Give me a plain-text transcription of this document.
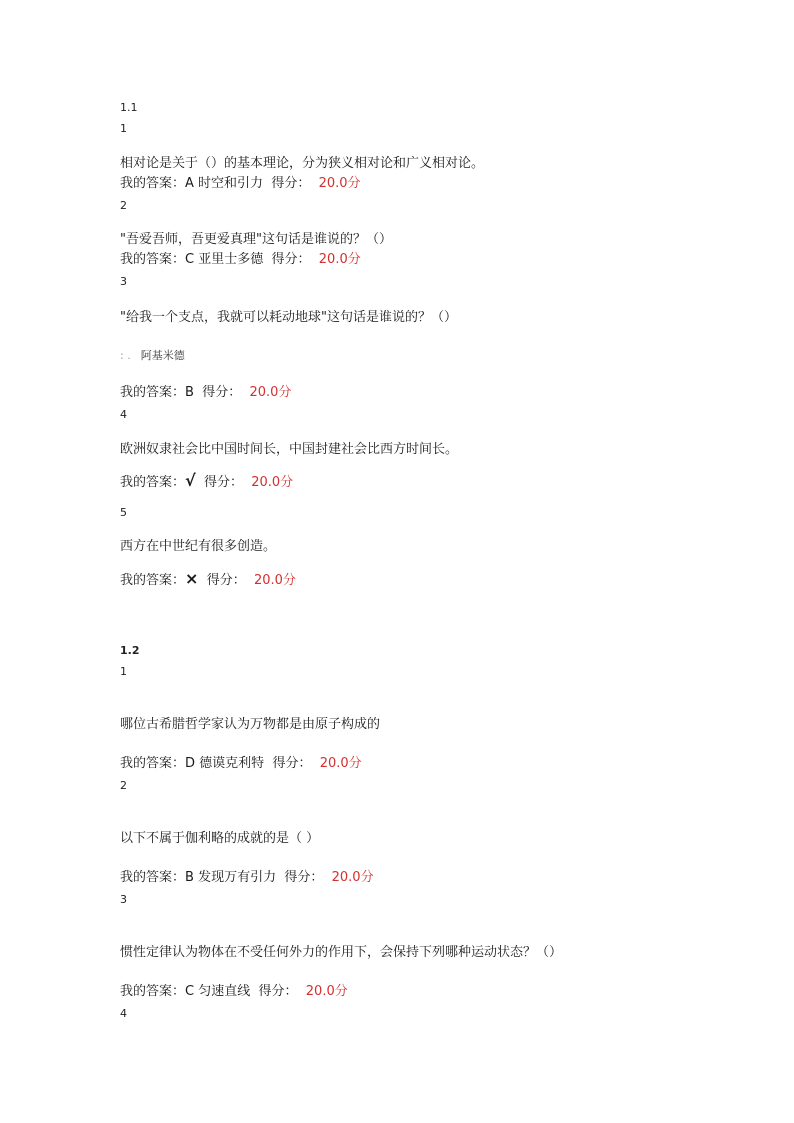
1.1
1
相对论是关于（）的基本理论，分为狭义相对论和广义相对论。
我的答案：A 时空和引力 得分： 20.0分
2
"吾爱吾师，吾更爱真理"这句话是谁说的？（）
我的答案：C 亚里士多德 得分： 20.0分
3
"给我一个支点，我就可以耗动地球"这句话是谁说的？（）
: . 阿基米德
我的答案：B 得分： 20.0分
4
欧洲奴隶社会比中国时间长，中国封建社会比西方时间长。
我的答案：√ 得分： 20.0分
5
西方在中世纪有很多创造。
我的答案：× 得分： 20.0分
1.2
1
哪位古希腊哲学家认为万物都是由原子构成的
我的答案：D 德谟克利特 得分： 20.0分
2
以下不属于伽利略的成就的是（ ）
我的答案：B 发现万有引力 得分： 20.0分
3
惯性定律认为物体在不受任何外力的作用下，会保持下列哪种运动状态？（）
我的答案：C 匀速直线 得分： 20.0分
4
